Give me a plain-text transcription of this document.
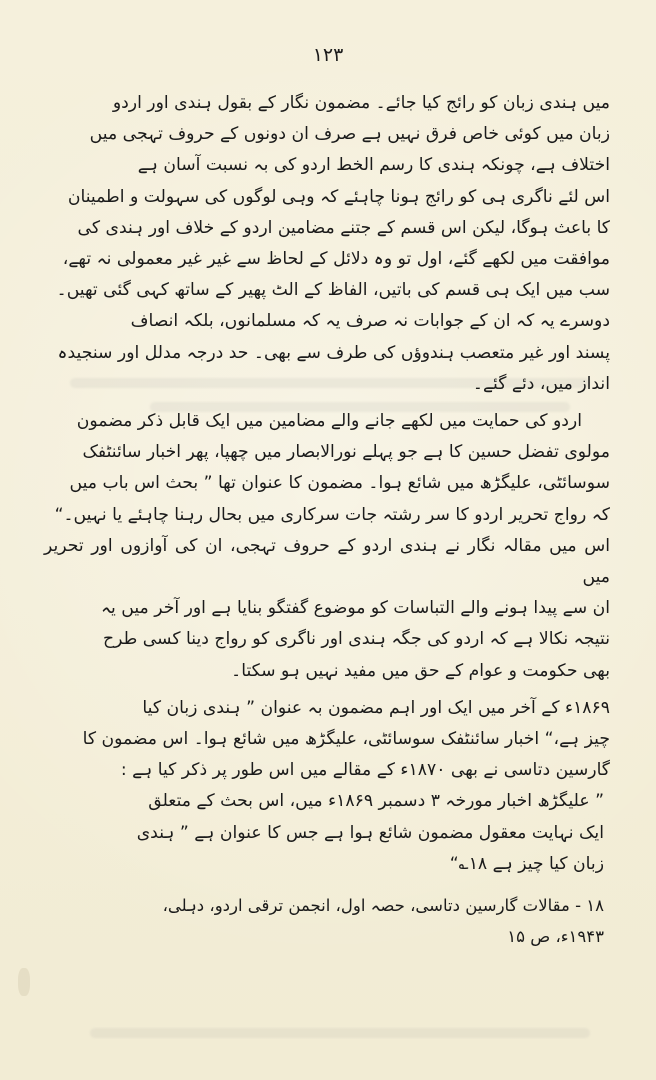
۱۲۳

میں ہندی زبان کو رائج کیا جائے۔ مضمون نگار کے بقول ہندی اور اردو

زبان میں کوئی خاص فرق نہیں ہے صرف ان دونوں کے حروف تہجی میں

اختلاف ہے، چونکہ ہندی کا رسم الخط اردو کی بہ نسبت آسان ہے

اس لئے ناگری ہی کو رائج ہونا چاہئے کہ وہی لوگوں کی سہولت و اطمینان

کا باعث ہوگا، لیکن اس قسم کے جتنے مضامین اردو کے خلاف اور ہندی کی

موافقت میں لکھے گئے، اول تو وہ دلائل کے لحاظ سے غیر غیر معمولی نہ تھے،

سب میں ایک ہی قسم کی باتیں، الفاظ کے الٹ پھیر کے ساتھ کہی گئی تھیں۔

دوسرے یہ کہ ان کے جوابات نہ صرف یہ کہ مسلمانوں، بلکہ انصاف

پسند اور غیر متعصب ہندوؤں کی طرف سے بھی۔ حد درجہ مدلل اور سنجیدہ

انداز میں، دئے گئے۔

اردو کی حمایت میں لکھے جانے والے مضامین میں ایک قابل ذکر مضمون

مولوی تفضل حسین کا ہے جو پہلے نورالابصار میں چھپا، پھر اخبار سائنٹفک

سوسائٹی، علیگڑھ میں شائع ہوا۔ مضمون کا عنوان تھا ” بحث اس باب میں

کہ رواج تحریر اردو کا سر رشتہ جات سرکاری میں بحال رہنا چاہئے یا نہیں۔“

اس میں مقالہ نگار نے ہندی اردو کے حروف تہجی، ان کی آوازوں اور تحریر میں

ان سے پیدا ہونے والے التباسات کو موضوع گفتگو بنایا ہے اور آخر میں یہ

نتیجہ نکالا ہے کہ اردو کی جگہ ہندی اور ناگری کو رواج دینا کسی طرح

بھی حکومت و عوام کے حق میں مفید نہیں ہو سکتا۔

۱۸۶۹ء کے آخر میں ایک اور اہم مضمون بہ عنوان ” ہندی زبان کیا

چیز ہے،“ اخبار سائنٹفک سوسائٹی، علیگڑھ میں شائع ہوا۔ اس مضمون کا

گارسین دتاسی نے بھی ۱۸۷۰ء کے مقالے میں اس طور پر ذکر کیا ہے :

” علیگڑھ اخبار مورخہ ۳ دسمبر ۱۸۶۹ء میں، اس بحث کے متعلق

ایک نہایت معقول مضمون شائع ہوا ہے جس کا عنوان ہے ” ہندی

زبان کیا چیز ہے ۱۸؎“

۱۸ - مقالات گارسین دتاسی، حصہ اول، انجمن ترقی اردو، دہلی،

۱۹۴۳ء، ص ۱۵
